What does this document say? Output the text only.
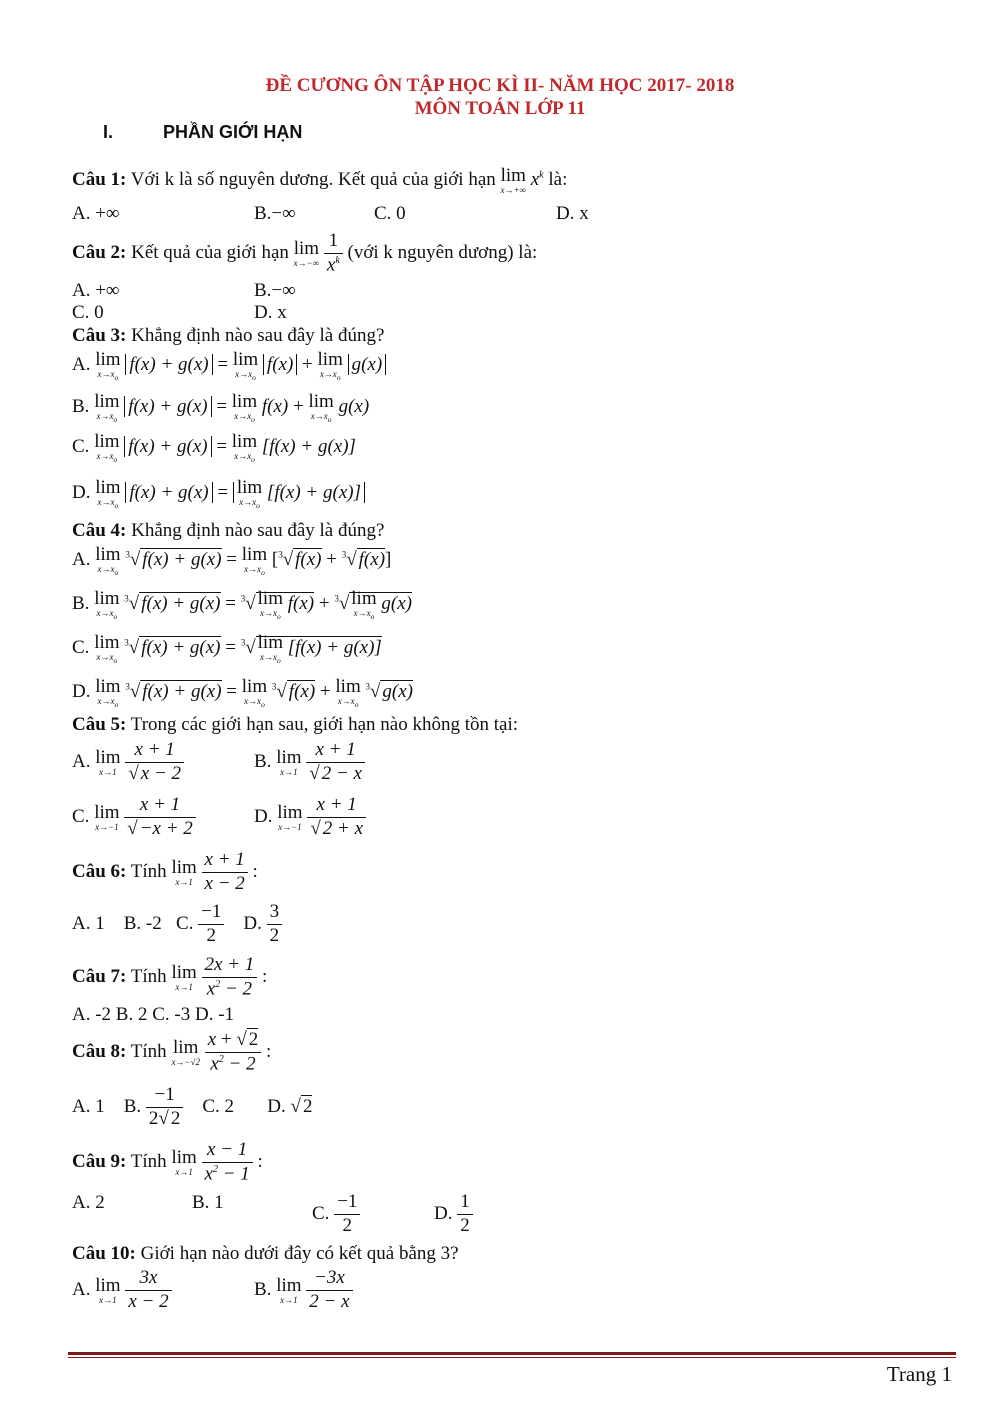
ĐỀ CƯƠNG ÔN TẬP HỌC KÌ II- NĂM HỌC 2017- 2018
MÔN TOÁN LỚP 11
I.	PHẦN GIỚI HẠN
Câu 1: Với k là số nguyên dương. Kết quả của giới hạn lim
x→+∞
$x^k$ là:
A. +∞	B.−∞	C. 0	D. x
Câu 2: Kết quả của giới hạn lim
x→−∞
$\frac{1}{x^k}$ (với k nguyên dương) là:
A. +∞	B.−∞
C. 0	D. x
Câu 3: Khẳng định nào sau đây là đúng?
A. lim
$x\to x_o$
f(x) + g(x) = lim
$x\to x_o$
f(x) + lim
$x\to x_o$
g(x)
B. lim
$x\to x_o$
f(x) + g(x) = lim
$x\to x_o$
f(x) + lim
$x\to x_o$
g(x)
C. lim
$x\to x_o$
f(x) + g(x) = lim
$x\to x_o$
[f(x) + g(x)]
D. lim
$x\to x_o$
f(x) + g(x) = lim
$x\to x_o$
[f(x) + g(x)]
Câu 4: Khẳng định nào sau đây là đúng?
A. lim
$x\to x_o$
$^3$√ f(x) + g(x) = lim
$x\to x_o$
[$^3$√ f(x) + $^3$√ f(x)]
B. lim
$x\to x_o$
$^3$√ f(x) + g(x) = $^3$√ lim
$x\to x_o$
f(x) + $^3$√ lim
$x\to x_o$
g(x)
C. lim
$x\to x_o$
$^3$√ f(x) + g(x) = $^3$√ lim
$x\to x_o$
[f(x) + g(x)]
D. lim
$x\to x_o$
$^3$√ f(x) + g(x) = lim
$x\to x_o$
$^3$√ f(x) + lim
$x\to x_o$
$^3$√ g(x)
Câu 5: Trong các giới hạn sau, giới hạn nào không tồn tại:
A. lim
x→1
$\frac{x + 1}{√ x - 2}$	B. lim
x→1
$\frac{x + 1}{√ 2 - x}$
C. lim
x→−1
$\frac{x + 1}{√ -x + 2}$	D. lim
x→−1
$\frac{x + 1}{√ 2 + x}$
Câu 6: Tính lim
x→1
$\frac{x + 1}{x - 2}$ :
A. 1    B. -2   C. $\frac{-1}{2} D$. $\frac{3}{2}$
Câu 7: Tính lim
x→1
$\frac{2x + 1}{x^2 - 2}$ :
A. -2 B. 2 C. -3 D. -1
Câu 8: Tính lim
x→−√2
$\frac{x + √ 2}{x^2 - 2}$ :
A. 1    B. $\frac{-1}{2√ 2} C$. 2       D. √ 2
Câu 9: Tính lim
x→1
$\frac{x - 1}{x^2 - 1}$ :
A. 2	B. 1
C. $\frac{-1}{2}$	D. $\frac{1}{2}$
Câu 10: Giới hạn nào dưới đây có kết quả bằng 3?
A. lim
x→1
$\frac{3x}{x - 2}$	B. lim
x→1
$\frac{-3x}{2 - x}$
Trang 1
